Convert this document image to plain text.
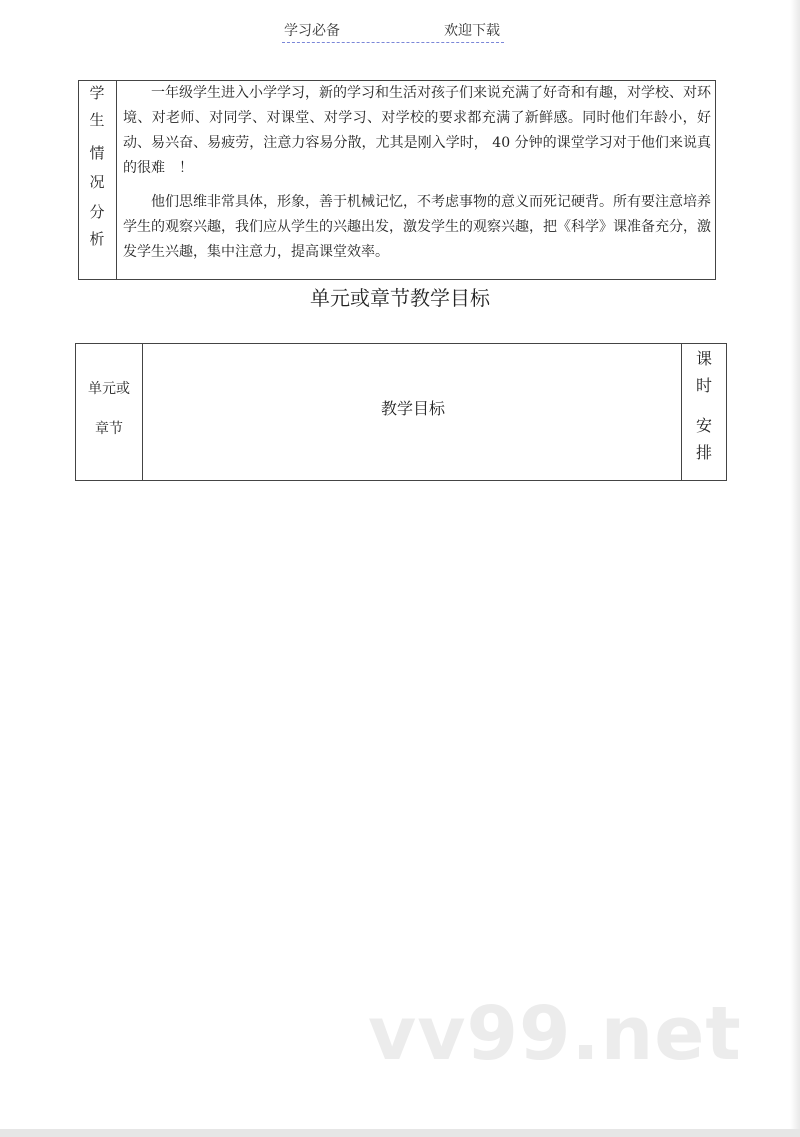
学习必备	欢迎下载
学
生
情
况
分
析

一年级学生进入小学学习，新的学习和生活对孩子们来说充满了好奇和有趣，对学校、对环境、对老师、对同学、对课堂、对学习、对学校的要求都充满了新鲜感。同时他们年龄小，好动、易兴奋、易疲劳，注意力容易分散，尤其是刚入学时， 40 分钟的课堂学习对于他们来说真的很难　！

他们思维非常具体，形象，善于机械记忆，不考虑事物的意义而死记硬背。所有要注意培养学生的观察兴趣，我们应从学生的兴趣出发，激发学生的观察兴趣，把《科学》课准备充分，激发学生兴趣，集中注意力，提高课堂效率。

单元或章节教学目标
单元或
章节
教学目标
课
时
安
排
vv99.net
